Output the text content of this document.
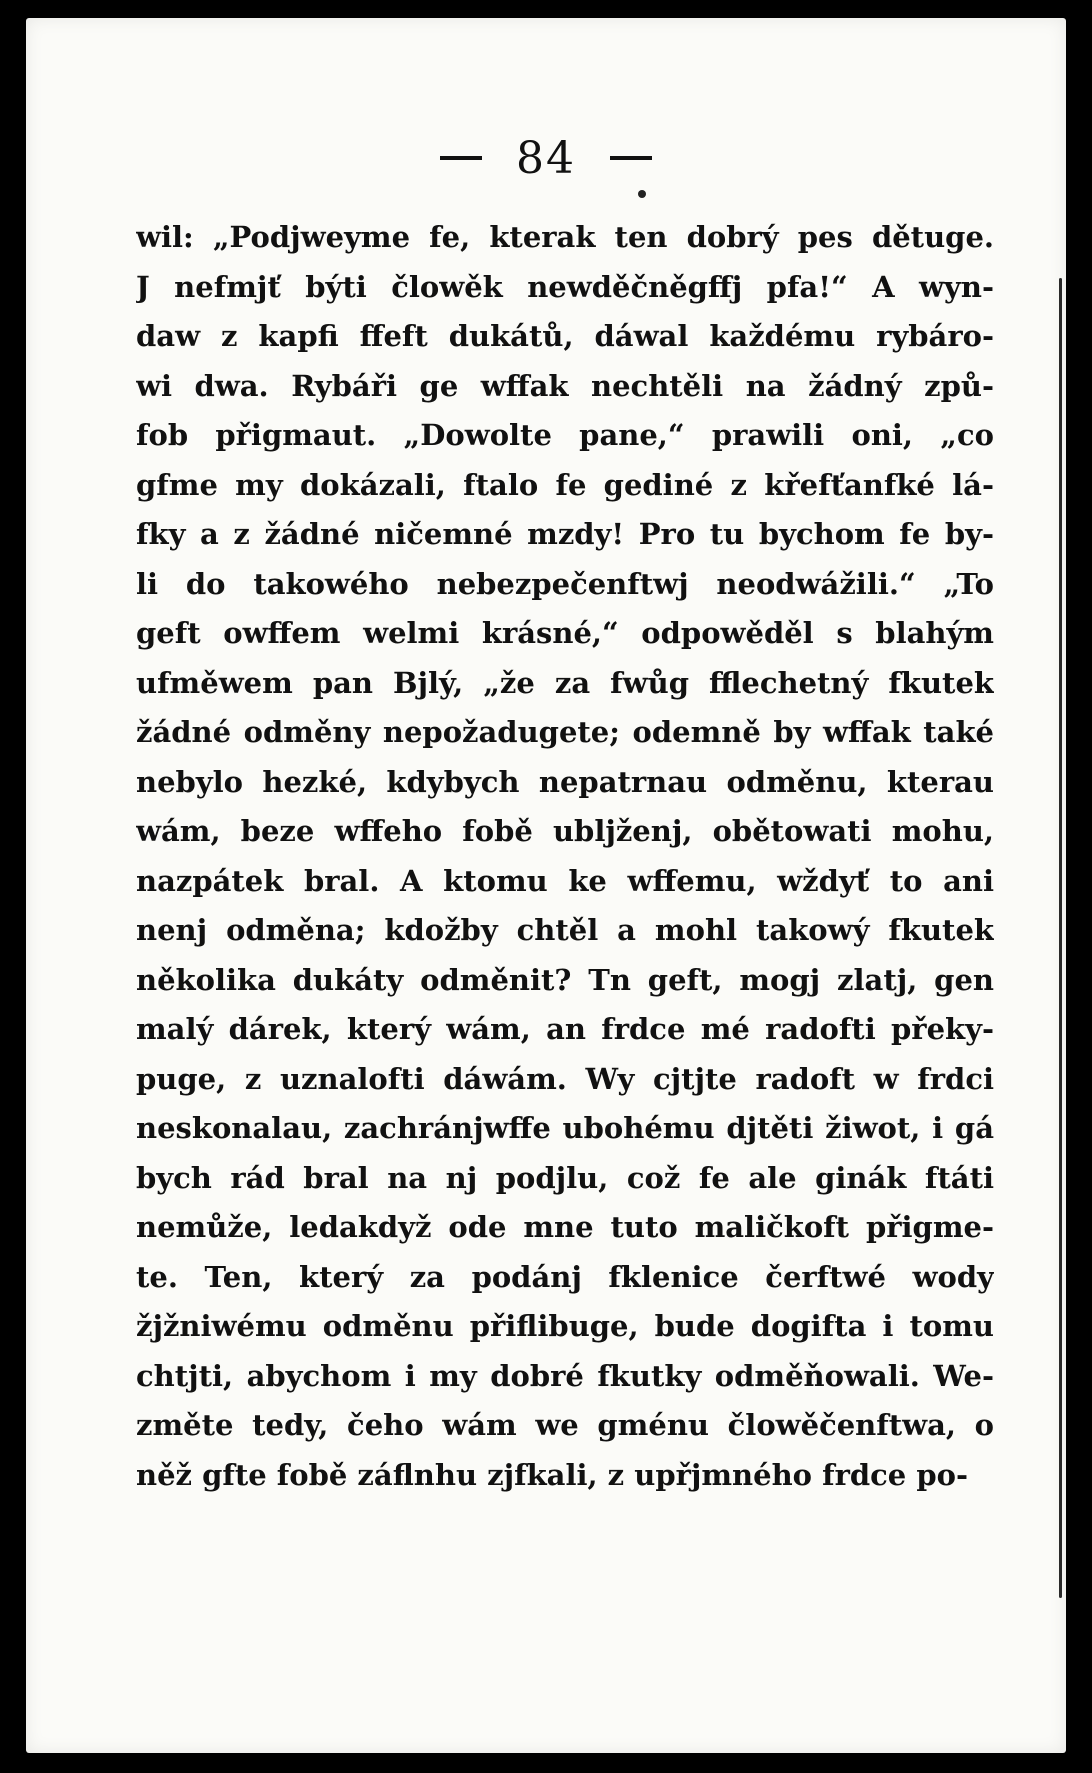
84
wil: „Podjweyme fe, kterak ten dobrý pes dětuge.
J nefmjť býti člowěk newděčněgffj pfa!“ A wyn-
daw z kapfi ffeft dukátů, dáwal každému rybáro-
wi dwa. Rybáři ge wffak nechtěli na žádný způ-
fob přigmaut. „Dowolte pane,“ prawili oni, „co
gfme my dokázali, ftalo fe gediné z křefťanfké lá-
fky a z žádné ničemné mzdy! Pro tu bychom fe by-
li do takowého nebezpečenftwj neodwážili.“ „To
geft owffem welmi krásné,“ odpowěděl s blahým
ufměwem pan Bjlý, „že za fwůg fflechetný fkutek
žádné odměny nepožadugete; odemně by wffak také
nebylo hezké, kdybych nepatrnau odměnu, kterau
wám, beze wffeho fobě ubljženj, obětowati mohu,
nazpátek bral. A ktomu ke wffemu, wždyť to ani
nenj odměna; kdožby chtěl a mohl takowý fkutek
několika dukáty odměnit? Tn geft, mogj zlatj, gen
malý dárek, který wám, an frdce mé radofti překy-
puge, z uznalofti dáwám. Wy cjtjte radoft w frdci
neskonalau, zachránjwffe ubohému djtěti žiwot, i gá
bych rád bral na nj podjlu, což fe ale ginák ftáti
nemůže, ledakdyž ode mne tuto maličkoft přigme-
te. Ten, který za podánj fklenice čerftwé wody
žjžniwému odměnu přiflibuge, bude dogifta i tomu
chtjti, abychom i my dobré fkutky odměňowali. We-
změte tedy, čeho wám we gménu člowěčenftwa, o
něž gfte fobě záflnhu zjfkali, z upřjmného frdce po-
